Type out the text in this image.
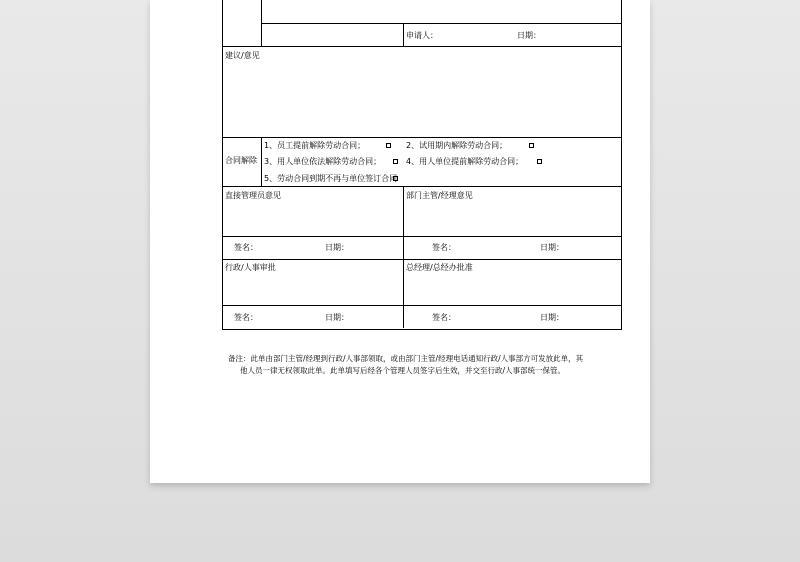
申请人：	日期：
建议/意见
合同解除
1、员工提前解除劳动合同；	2、试用期内解除劳动合同；
3、用人单位依法解除劳动合同；	4、用人单位提前解除劳动合同；
5、劳动合同到期不再与单位签订合同
直接管理员意见	部门主管/经理意见
签名：	日期：	签名：	日期：
行政/人事审批	总经理/总经办批准
签名：	日期：	签名：	日期：
备注：此单由部门主管/经理到行政/人事部领取，或由部门主管/经理电话通知行政/人事部方可发放此单，其
他人员一律无权领取此单。此单填写后经各个管理人员签字后生效，并交至行政/人事部统一保管。
